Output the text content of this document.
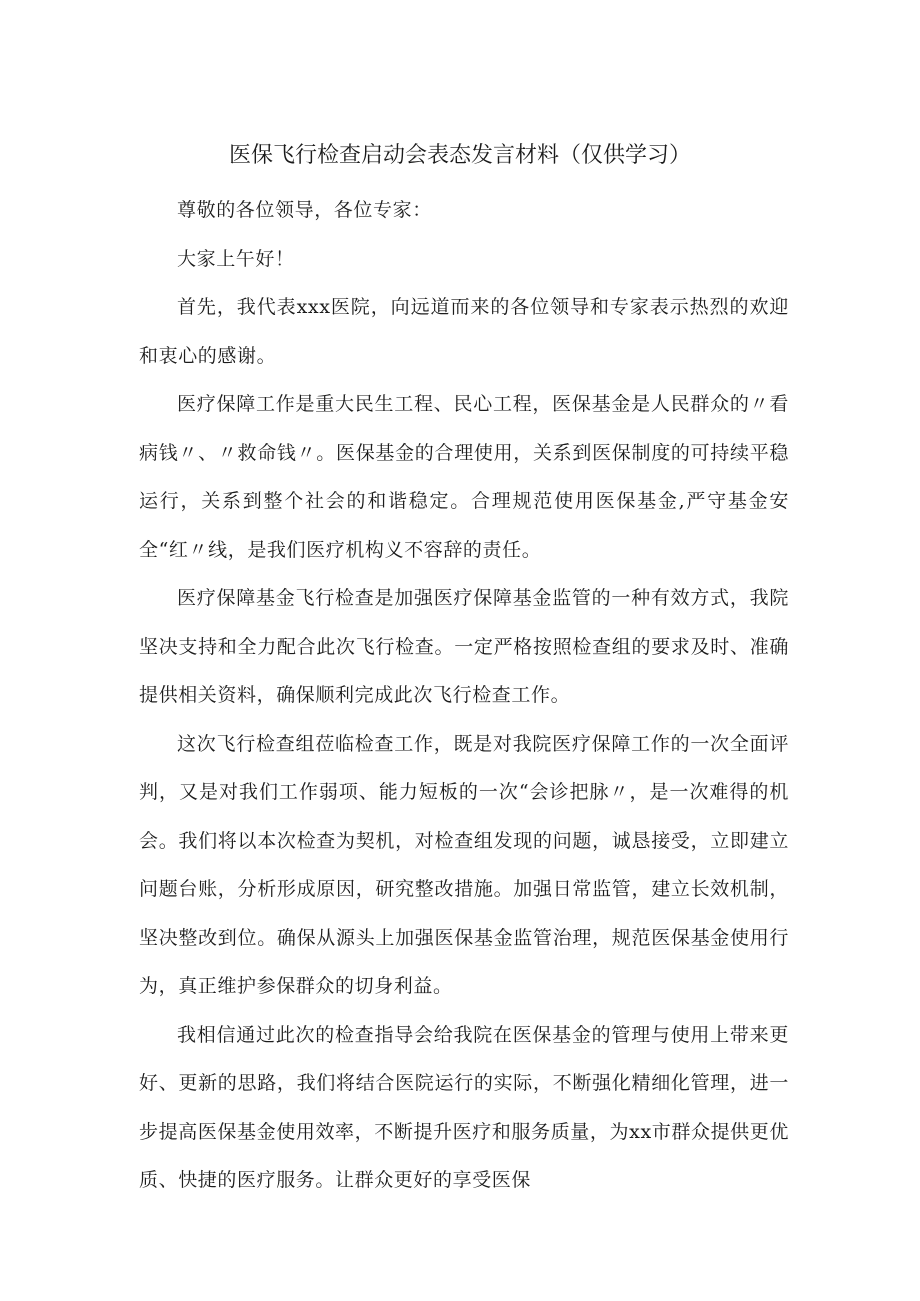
医保飞行检查启动会表态发言材料（仅供学习）

尊敬的各位领导，各位专家：

大家上午好！

首先，我代表xxx医院，向远道而来的各位领导和专家表示热烈的欢迎和衷心的感谢。

医疗保障工作是重大民生工程、民心工程，医保基金是人民群众的〃看病钱〃、〃救命钱〃。医保基金的合理使用，关系到医保制度的可持续平稳运行，关系到整个社会的和谐稳定。合理规范使用医保基金,严守基金安全“红〃线，是我们医疗机构义不容辞的责任。

医疗保障基金飞行检查是加强医疗保障基金监管的一种有效方式，我院坚决支持和全力配合此次飞行检查。一定严格按照检查组的要求及时、准确提供相关资料，确保顺利完成此次飞行检查工作。

这次飞行检查组莅临检查工作，既是对我院医疗保障工作的一次全面评判，又是对我们工作弱项、能力短板的一次“会诊把脉〃，是一次难得的机会。我们将以本次检查为契机，对检查组发现的问题，诚恳接受，立即建立问题台账，分析形成原因，研究整改措施。加强日常监管，建立长效机制，坚决整改到位。确保从源头上加强医保基金监管治理，规范医保基金使用行为，真正维护参保群众的切身利益。

我相信通过此次的检查指导会给我院在医保基金的管理与使用上带来更好、更新的思路，我们将结合医院运行的实际，不断强化精细化管理，进一步提高医保基金使用效率，不断提升医疗和服务质量，为xx市群众提供更优质、快捷的医疗服务。让群众更好的享受医保
